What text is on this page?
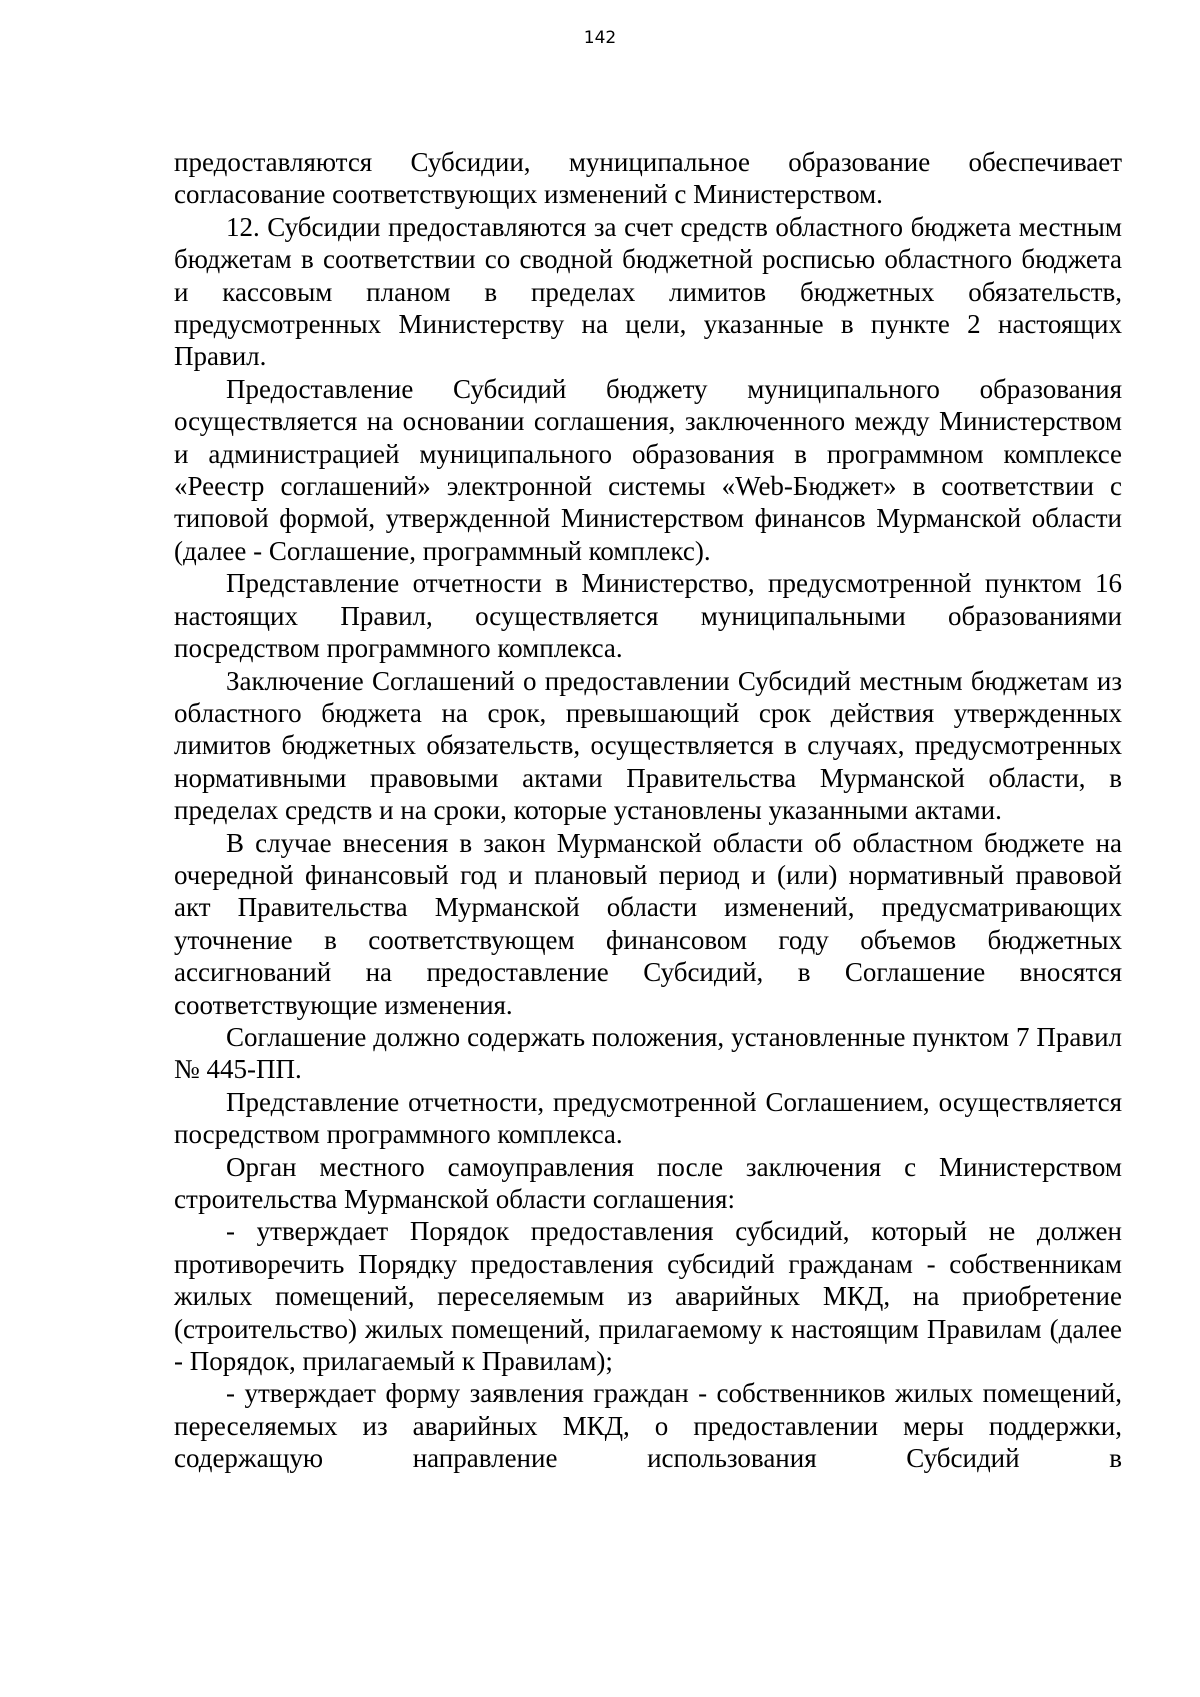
142

предоставляются Субсидии, муниципальное образование обеспечивает согласование соответствующих изменений с Министерством.

12. Субсидии предоставляются за счет средств областного бюджета местным бюджетам в соответствии со сводной бюджетной росписью областного бюджета и кассовым планом в пределах лимитов бюджетных обязательств, предусмотренных Министерству на цели, указанные в пункте 2 настоящих Правил.

Предоставление Субсидий бюджету муниципального образования осуществляется на основании соглашения, заключенного между Министерством и администрацией муниципального образования в программном комплексе «Реестр соглашений» электронной системы «Web-Бюджет» в соответствии с типовой формой, утвержденной Министерством финансов Мурманской области (далее - Соглашение, программный комплекс).

Представление отчетности в Министерство, предусмотренной пунктом 16 настоящих Правил, осуществляется муниципальными образованиями посредством программного комплекса.

Заключение Соглашений о предоставлении Субсидий местным бюджетам из областного бюджета на срок, превышающий срок действия утвержденных лимитов бюджетных обязательств, осуществляется в случаях, предусмотренных нормативными правовыми актами Правительства Мурманской области, в пределах средств и на сроки, которые установлены указанными актами.

В случае внесения в закон Мурманской области об областном бюджете на очередной финансовый год и плановый период и (или) нормативный правовой акт Правительства Мурманской области изменений, предусматривающих уточнение в соответствующем финансовом году объемов бюджетных ассигнований на предоставление Субсидий, в Соглашение вносятся соответствующие изменения.

Соглашение должно содержать положения, установленные пунктом 7 Правил № 445-ПП.

Представление отчетности, предусмотренной Соглашением, осуществляется посредством программного комплекса.

Орган местного самоуправления после заключения с Министерством строительства Мурманской области соглашения:

- утверждает Порядок предоставления субсидий, который не должен противоречить Порядку предоставления субсидий гражданам - собственникам жилых помещений, переселяемым из аварийных МКД, на приобретение (строительство) жилых помещений, прилагаемому к настоящим Правилам (далее - Порядок, прилагаемый к Правилам);

- утверждает форму заявления граждан - собственников жилых помещений, переселяемых из аварийных МКД, о предоставлении меры поддержки, содержащую направление использования Субсидий в
